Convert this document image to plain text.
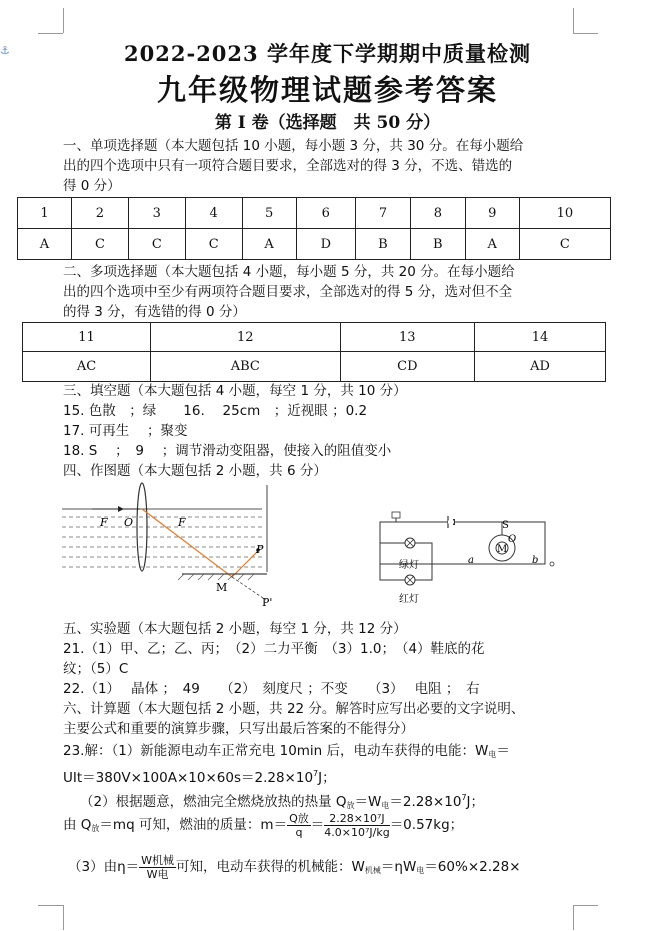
⚓	2022-2023 学年度下学期期中质量检测
九年级物理试题参考答案
第 I 卷（选择题　共 50 分）
一、单项选择题（本大题包括 10 小题，每小题 3 分，共 30 分。在每小题给
出的四个选项中只有一项符合题目要求，全部选对的得 3 分，不选、错选的
得 0 分）
1	2	3	4	5	6	7	8	9	10
A	C	C	C	A	D	B	B	A	C
二、多项选择题（本大题包括 4 小题，每小题 5 分，共 20 分。在每小题给
出的四个选项中至少有两项符合题目要求，全部选对的得 5 分，选对但不全
的得 3 分，有选错的得 0 分）
11	12	13	14
AC	ABC	CD	AD
三、填空题（本大题包括 4 小题，每空 1 分，共 10 分）
15. 色散　；绿　　16.　 25cm　；近视眼 ；0.2
17. 可再生　 ；聚变
18. S　 ；　9　 ；调节滑动变阻器，使接入的阻值变小
四、作图题（本大题包括 2 小题，共 6 分）
F O	F
P
M
P'
S
O
M
a	b
绿灯
红灯
五、实验题（本大题包括 2 小题，每空 1 分，共 12 分）
21.（1）甲、乙；乙、丙；　（2）二力平衡　（3）1.0；　（4）鞋底的花
纹；（5）C
22.（1）　 晶体 ；　49　　（2）　刻度尺 ；不变　　（3）　 电阻 ；　右
六、计算题（本大题包括 2 小题，共 22 分。解答时应写出必要的文字说明、
主要公式和重要的演算步骤，只写出最后答案的不能得分）
23.解：（1）新能源电动车正常充电 10min 后，电动车获得的电能：$W_电=$
$UIt=380V\times 100A\times 10\times 60s=2.28\times 10^7J$；
（2）根据题意，燃油完全燃烧放热的热量 $Q_放=W_电=2.28\times 10^7J$；
由 $Q_放=mq$ 可知，燃油的质量：$m= \frac{\text{Q放}}{q} = \frac{\text{2.28×10⁷J}}{\text{4.0×10⁷J/kg}} =0.57kg$；
（3）由$\eta= \frac{\text{W机械}}{\text{W电}}$ 可知，电动车获得的机械能：$W_{机械}=\eta W_电=60\%\times 2.28\times$
